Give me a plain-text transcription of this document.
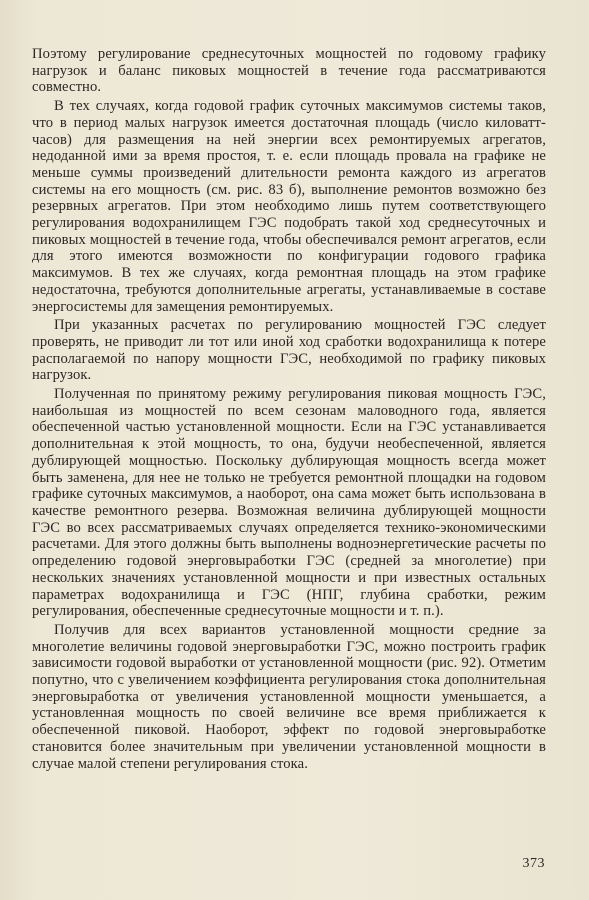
Поэтому регулирование среднесуточных мощностей по годовому графику нагрузок и баланс пиковых мощностей в течение года рассматриваются совместно.

В тех случаях, когда годовой график суточных максимумов системы таков, что в период малых нагрузок имеется достаточная площадь (число киловатт-часов) для размещения на ней энергии всех ремонтируемых агрегатов, недоданной ими за время простоя, т. е. если площадь провала на графике не меньше суммы произведений длительности ремонта каждого из агрегатов системы на его мощность (см. рис. 83 б), выполнение ремонтов возможно без резервных агрегатов. При этом необходимо лишь путем соответствующего регулирования водохранилищем ГЭС подобрать такой ход среднесуточных и пиковых мощностей в течение года, чтобы обеспечивался ремонт агрегатов, если для этого имеются возможности по конфигурации годового графика максимумов. В тех же случаях, когда ремонтная площадь на этом графике недостаточна, требуются дополнительные агрегаты, устанавливаемые в составе энергосистемы для замещения ремонтируемых.

При указанных расчетах по регулированию мощностей ГЭС следует проверять, не приводит ли тот или иной ход сработки водохранилища к потере располагаемой по напору мощности ГЭС, необходимой по графику пиковых нагрузок.

Полученная по принятому режиму регулирования пиковая мощность ГЭС, наибольшая из мощностей по всем сезонам маловодного года, является обеспеченной частью установленной мощности. Если на ГЭС устанавливается дополнительная к этой мощность, то она, будучи необеспеченной, является дублирующей мощностью. Поскольку дублирующая мощность всегда может быть заменена, для нее не только не требуется ремонтной площадки на годовом графике суточных максимумов, а наоборот, она сама может быть использована в качестве ремонтного резерва. Возможная величина дублирующей мощности ГЭС во всех рассматриваемых случаях определяется технико-экономическими расчетами. Для этого должны быть выполнены водноэнергетические расчеты по определению годовой энерговыработки ГЭС (средней за многолетие) при нескольких значениях установленной мощности и при известных остальных параметрах водохранилища и ГЭС (НПГ, глубина сработки, режим регулирования, обеспеченные среднесуточные мощности и т. п.).

Получив для всех вариантов установленной мощности средние за многолетие величины годовой энерговыработки ГЭС, можно построить график зависимости годовой выработки от установленной мощности (рис. 92). Отметим попутно, что с увеличением коэффициента регулирования стока дополнительная энерговыработка от увеличения установленной мощности уменьшается, а установленная мощность по своей величине все время приближается к обеспеченной пиковой. Наоборот, эффект по годовой энерговыработке становится более значительным при увеличении установленной мощности в случае малой степени регулирования стока.

373
